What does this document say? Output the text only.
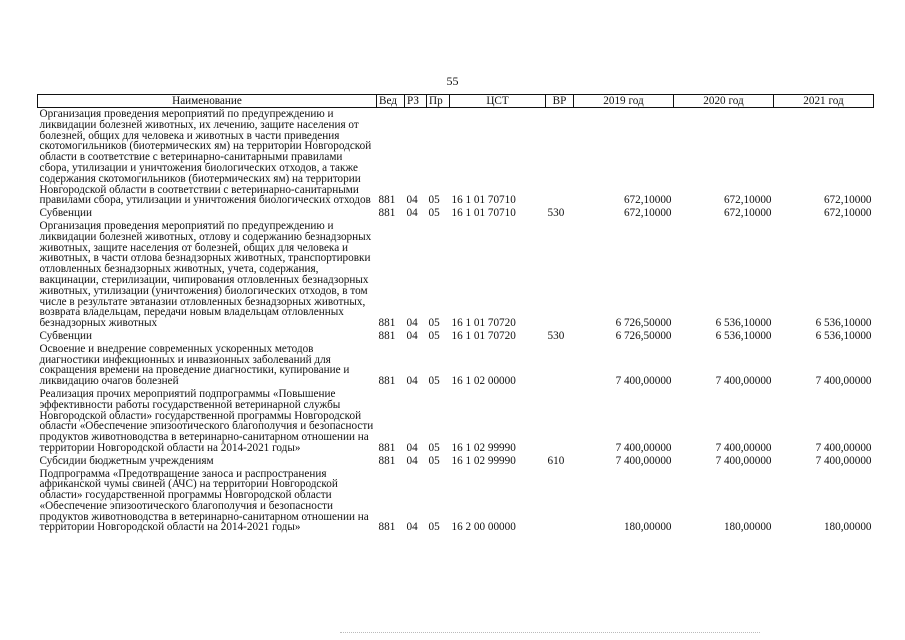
55
Наименование	Вед	РЗ	Пр	ЦСТ	ВР	2019 год	2020 год	2021 год
Организация проведения мероприятий по предупреждению и ликвидации болезней животных, их лечению, защите населения от болезней, общих для человека и животных в части приведения скотомогильников (биотермических ям) на территории Новгородской области в соответствие с ветеринарно-санитарными правилами сбора, утилизации и уничтожения биологических отходов, а также содержания скотомогильников (биотермических ям) на территории Новгородской области в соответствии с ветеринарно-санитарными правилами сбора, утилизации и уничтожения биологических отходов	881	04	05	16 1 01 70710		672,10000	672,10000	672,10000
Субвенции	881	04	05	16 1 01 70710	530	672,10000	672,10000	672,10000
Организация проведения мероприятий по предупреждению и ликвидации болезней животных, отлову и содержанию безнадзорных животных, защите населения от болезней, общих для человека и животных, в части отлова безнадзорных животных, транспортировки отловленных безнадзорных животных, учета, содержания, вакцинации, стерилизации, чипирования отловленных безнадзорных животных, утилизации (уничтожения) биологических отходов, в том числе в результате эвтаназии отловленных безнадзорных животных, возврата владельцам, передачи новым владельцам отловленных безнадзорных животных	881	04	05	16 1 01 70720		6 726,50000	6 536,10000	6 536,10000
Субвенции	881	04	05	16 1 01 70720	530	6 726,50000	6 536,10000	6 536,10000
Освоение и внедрение современных ускоренных методов диагностики инфекционных и инвазионных заболеваний для сокращения времени на проведение диагностики, купирование и ликвидацию очагов болезней	881	04	05	16 1 02 00000		7 400,00000	7 400,00000	7 400,00000
Реализация прочих мероприятий подпрограммы «Повышение эффективности работы государственной ветеринарной службы Новгородской области» государственной программы Новгородской области «Обеспечение эпизоотического благополучия и безопасности продуктов животноводства в ветеринарно-санитарном отношении на территории Новгородской области на 2014-2021 годы»	881	04	05	16 1 02 99990		7 400,00000	7 400,00000	7 400,00000
Субсидии бюджетным учреждениям	881	04	05	16 1 02 99990	610	7 400,00000	7 400,00000	7 400,00000
Подпрограмма «Предотвращение заноса и распространения африканской чумы свиней (АЧС) на территории Новгородской области» государственной программы Новгородской области «Обеспечение эпизоотического благополучия и безопасности продуктов животноводства в ветеринарно-санитарном отношении на территории Новгородской области на 2014-2021 годы»	881	04	05	16 2 00 00000		180,00000	180,00000	180,00000
